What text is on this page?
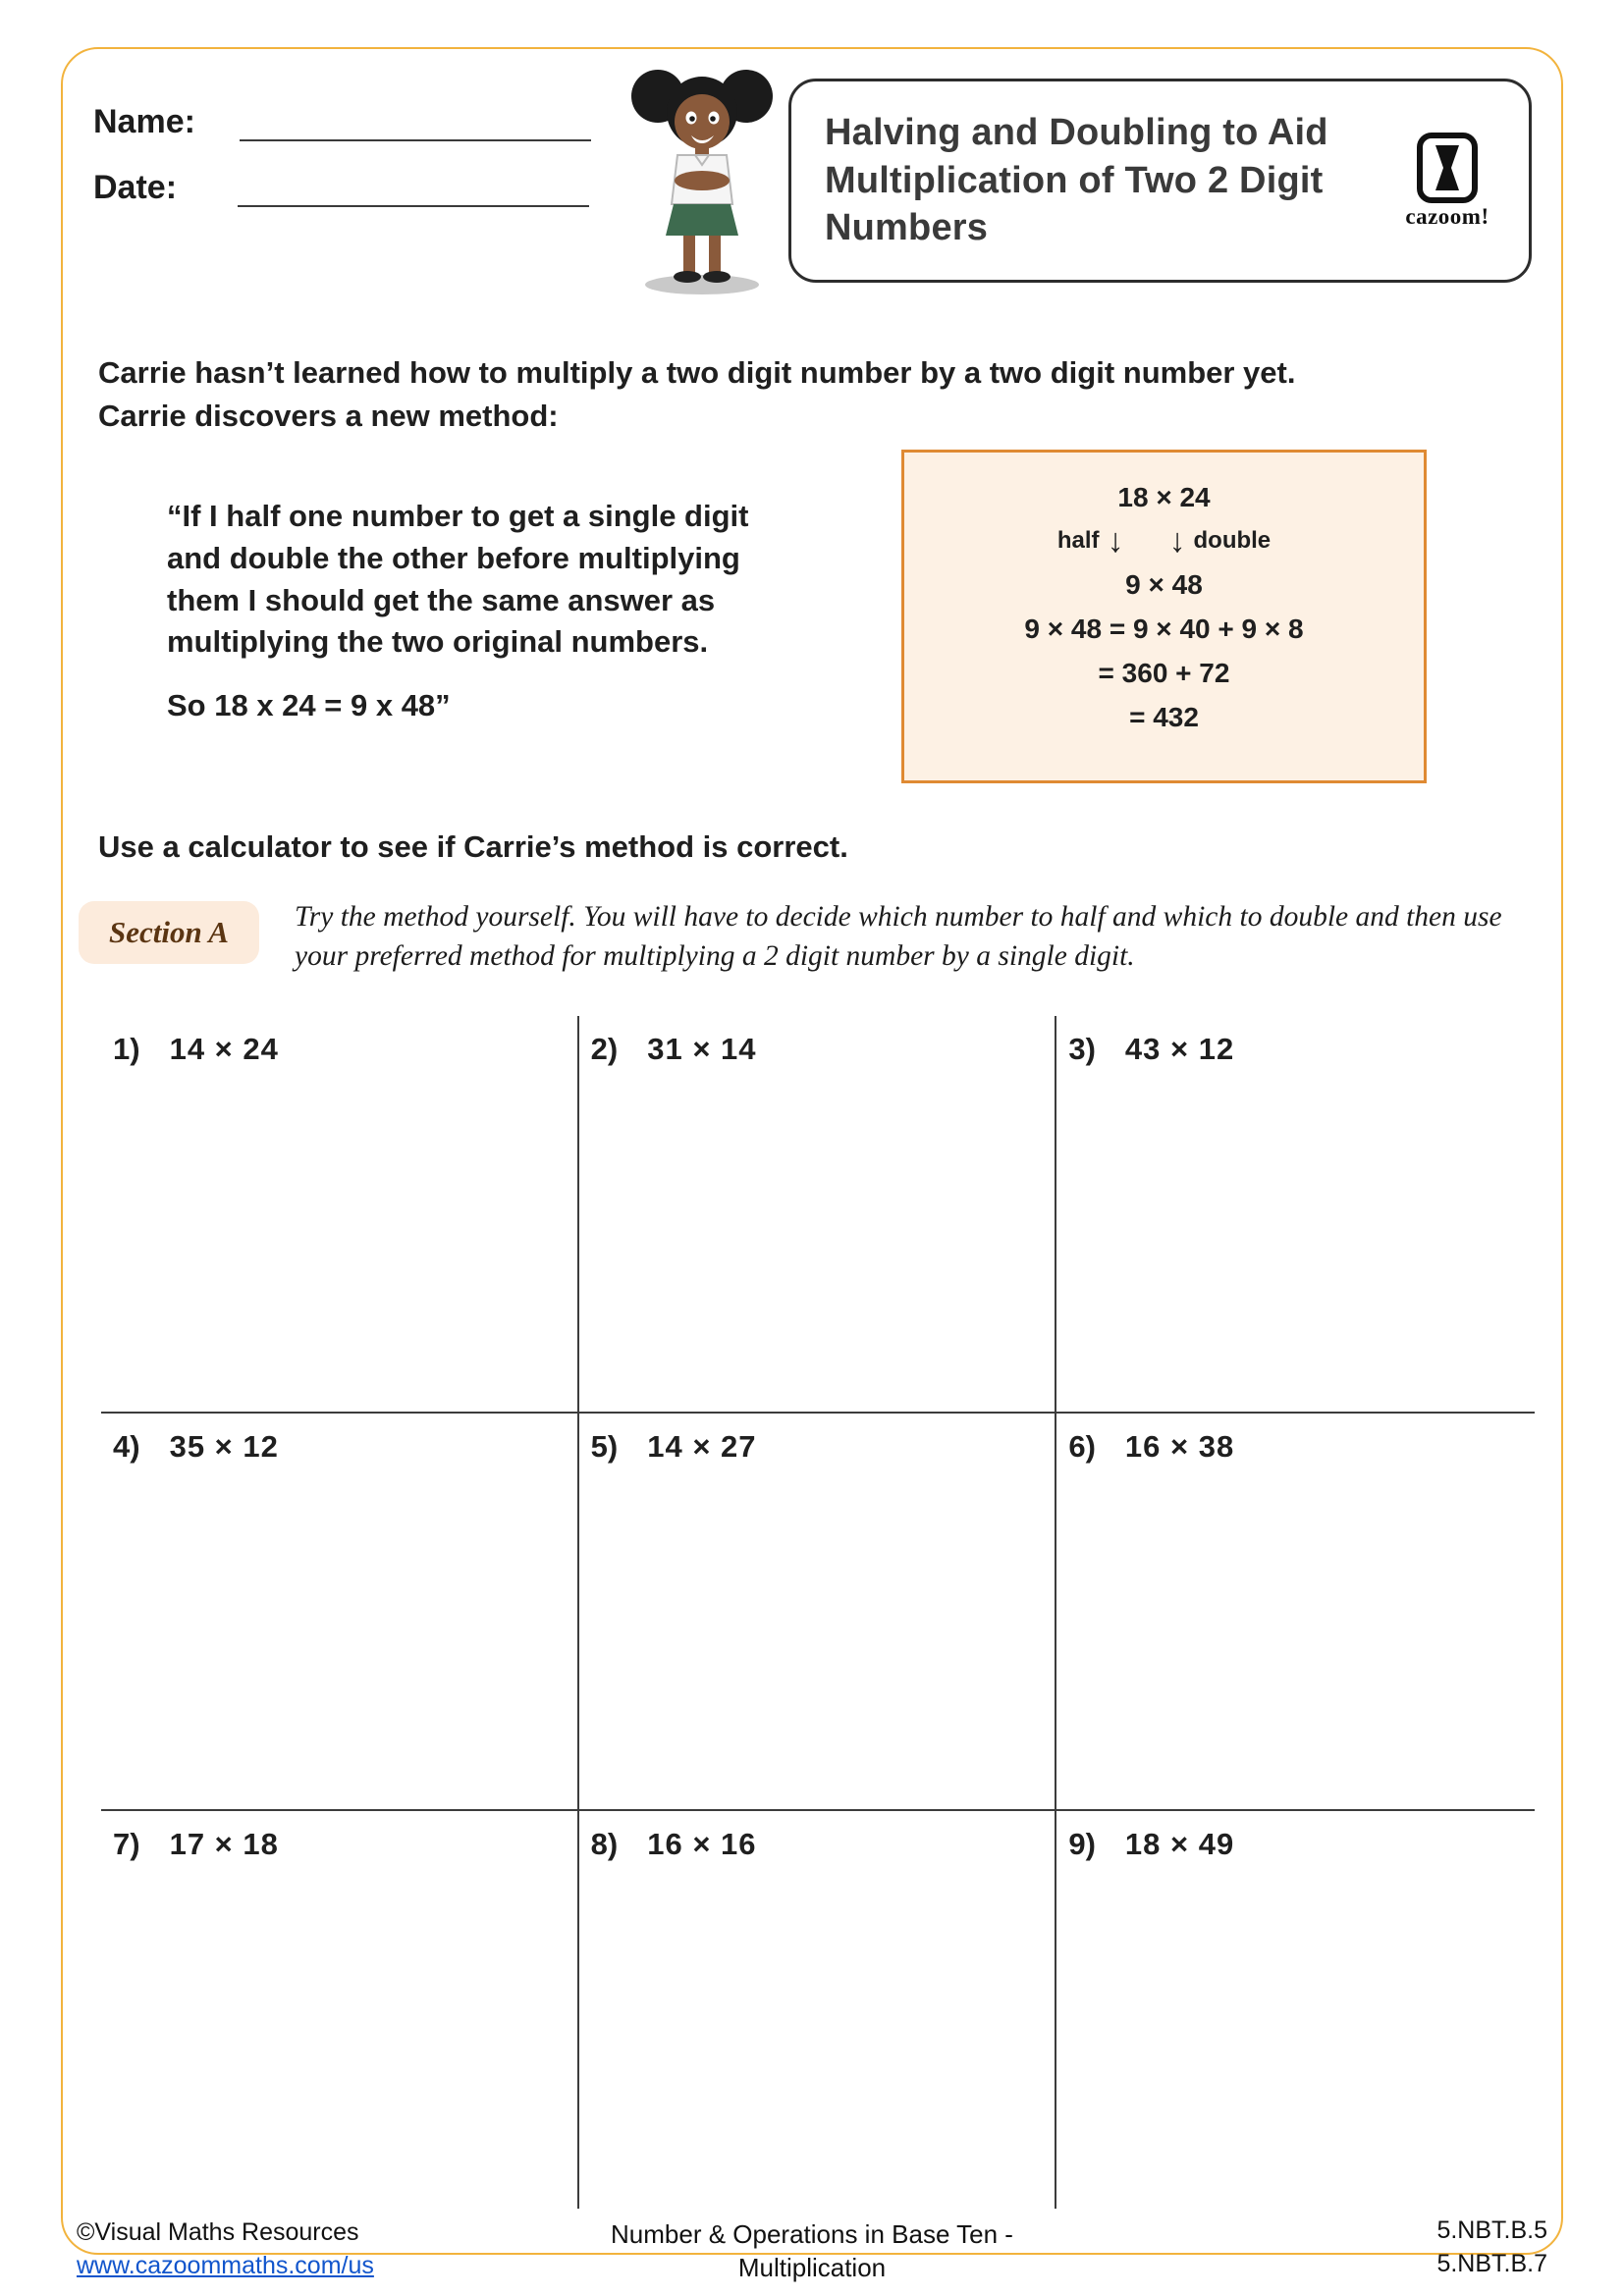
Name:
Date:
Halving and Doubling to Aid Multiplication of Two 2 Digit Numbers	cazoom!
Carrie hasn’t learned how to multiply a two digit number by a two digit number yet.
Carrie discovers a new method:
“If I half one number to get a single digit and double the other before multiplying them I should get the same answer as multiplying the two original numbers.
So 18 x 24 = 9 x 48”
18 × 24
half ↓ ↓ double
9 × 48
9 × 48 = 9 × 40 + 9 × 8
= 360 + 72
= 432
Use a calculator to see if Carrie’s method is correct.
Section A Try the method yourself. You will have to decide which number to half and which to double and then use your preferred method for multiplying a 2 digit number by a single digit.
1) 14 × 24	2) 31 × 14	3) 43 × 12
4) 35 × 12	5) 14 × 27	6) 16 × 38
7) 17 × 18	8) 16 × 16	9) 18 × 49
©Visual Maths Resources
www.cazoommaths.com/us
Number & Operations in Base Ten -
Multiplication
5.NBT.B.5
5.NBT.B.7
